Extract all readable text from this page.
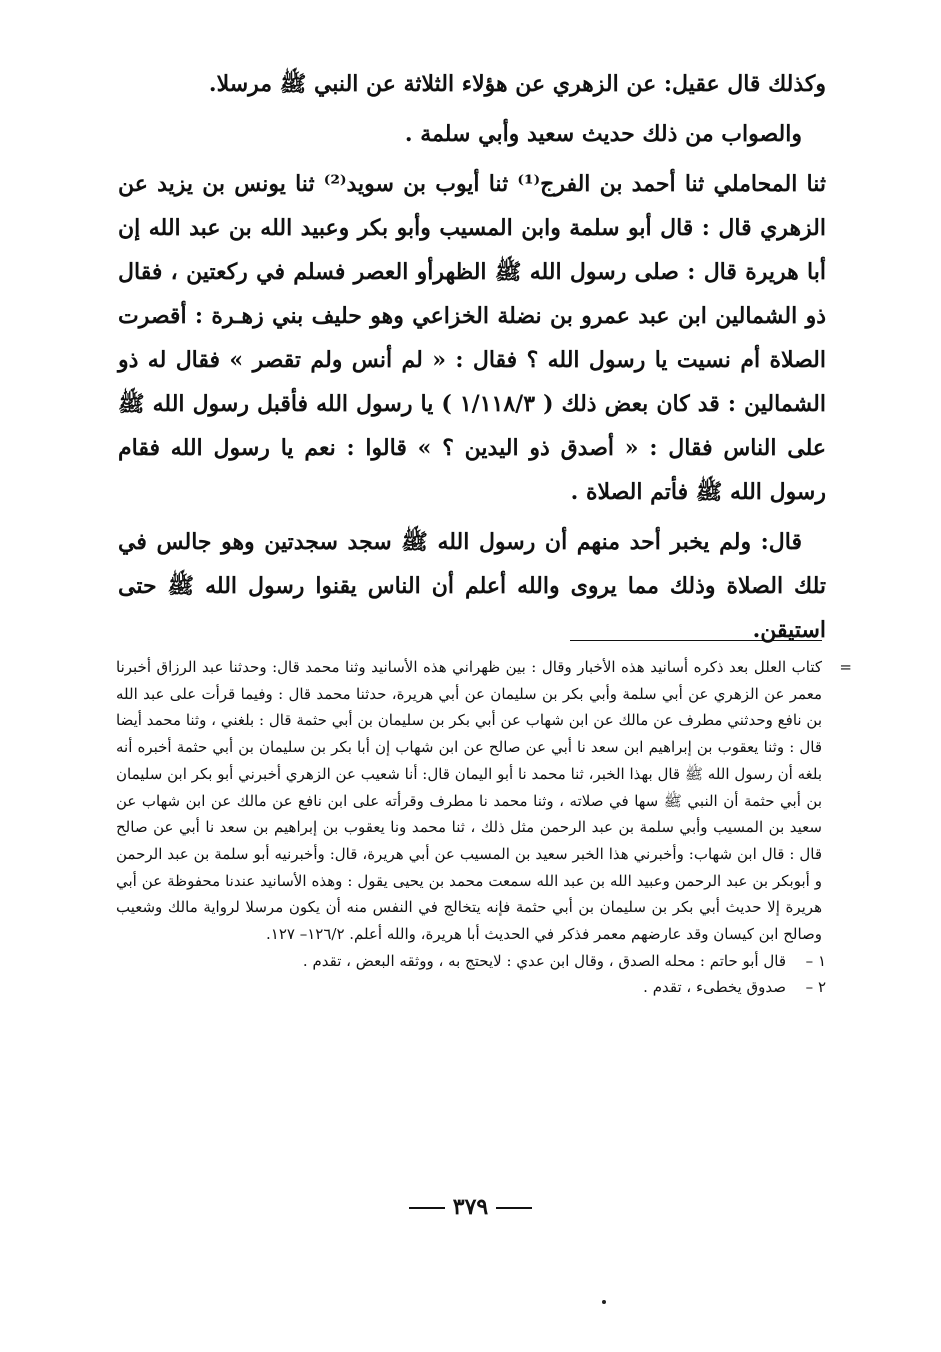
وكذلك قال عقيل: عن الزهري عن هؤلاء الثلاثة عن النبي ﷺ مرسلا.

والصواب من ذلك حديث سعيد وأبي سلمة .

ثنا المحاملي ثنا أحمد بن الفرج⁽¹⁾ ثنا أيوب بن سويد⁽²⁾ ثنا يونس بن يزيد عن الزهري قال : قال أبو سلمة وابن المسيب وأبو بكر وعبيد الله بن عبد الله إن أبا هريرة قال : صلى رسول الله ﷺ الظهرأو العصر فسلم في ركعتين ، فقال ذو الشمالين ابن عبد عمرو بن نضلة الخزاعي وهو حليف بني زهـرة : أقصرت الصلاة أم نسيت يا رسول الله ؟ فقال : « لم أنس ولم تقصر » فقال له ذو الشمالين : قد كان بعض ذلك ( ١/١١٨/٣ ) يا رسول الله فأقبل رسول الله ﷺ على الناس فقال : « أصدق ذو اليدين ؟ » قالوا : نعم يا رسول الله فقام رسول الله ﷺ فأتم الصلاة .

قال: ولم يخبر أحد منهم أن رسول الله ﷺ سجد سجدتين وهو جالس في تلك الصلاة وذلك مما يروى والله أعلم أن الناس يقنوا رسول الله ﷺ حتى استيقن.

=
كتاب العلل بعد ذكره أسانيد هذه الأخبار وقال : بين ظهراني هذه الأسانيد وثنا محمد قال: وحدثنا عبد الرزاق أخبرنا معمر عن الزهري عن أبي سلمة وأبي بكر بن سليمان عن أبي هريرة، حدثنا محمد قال : وفيما قرأت على عبد الله بن نافع وحدثني مطرف عن مالك عن ابن شهاب عن أبي بكر بن سليمان بن أبي حثمة قال : بلغني ، وثنا محمد أيضا قال : وثنا يعقوب بن إبراهيم ابن سعد نا أبي عن صالح عن ابن شهاب إن أبا بكر بن سليمان بن أبي حثمة أخبره أنه بلغه أن رسول الله ﷺ قال بهذا الخبر، ثنا محمد نا أبو اليمان قال: أنا شعيب عن الزهري أخبرني أبو بكر ابن سليمان بن أبي حثمة أن النبي ﷺ سها في صلاته ، وثنا محمد نا مطرف وقرأته على ابن نافع عن مالك عن ابن شهاب عن سعيد بن المسيب وأبي سلمة بن عبد الرحمن مثل ذلك ، ثنا محمد ونا يعقوب بن إبراهيم بن سعد نا أبي عن صالح قال : قال ابن شهاب: وأخبرني هذا الخبر سعيد بن المسيب عن أبي هريرة، قال: وأخبرنيه أبو سلمة بن عبد الرحمن و أبوبكر بن عبد الرحمن وعبيد الله بن عبد الله سمعت محمد بن يحيى يقول : وهذه الأسانيد عندنا محفوظة عن أبي هريرة إلا حديث أبي بكر بن سليمان بن أبي حثمة فإنه يتخالج في النفس منه أن يكون مرسلا لرواية مالك وشعيب وصالح ابن كيسان وقد عارضهم معمر فذكر في الحديث أبا هريرة، والله أعلم. ١٢٦/٢– ١٢٧.
١ –
قال أبو حاتم : محله الصدق ، وقال ابن عدي : لايحتج به ، ووثقه البعض ، تقدم .
٢ –
صدوق يخطىء ، تقدم .
٣٧٩
